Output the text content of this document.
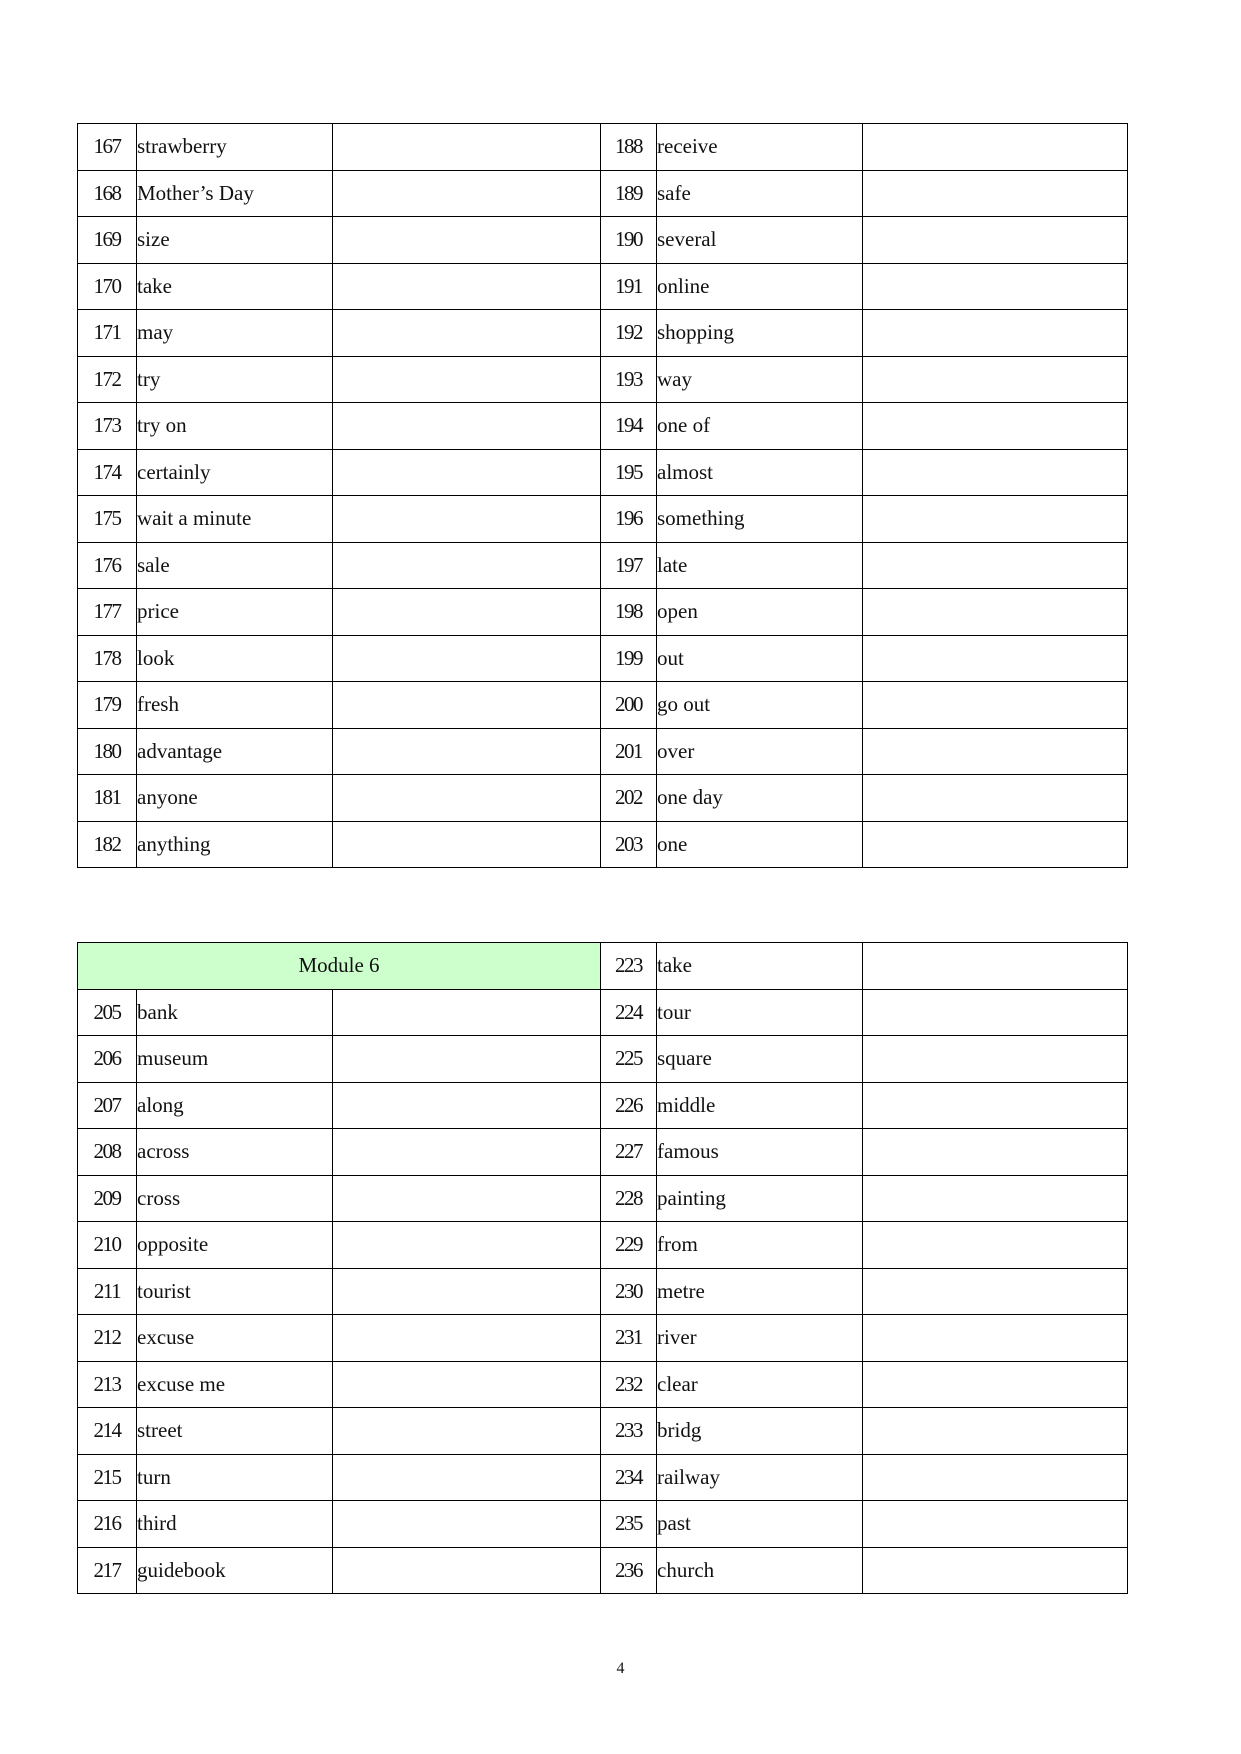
167	strawberry		188	receive	
168	Mother’s Day		189	safe	
169	size		190	several	
170	take		191	online	
171	may		192	shopping	
172	try		193	way	
173	try on		194	one of	
174	certainly		195	almost	
175	wait a minute		196	something	
176	sale		197	late	
177	price		198	open	
178	look		199	out	
179	fresh		200	go out	
180	advantage		201	over	
181	anyone		202	one day	
182	anything		203	one	
Module 6			223	take	
205	bank		224	tour	
206	museum		225	square	
207	along		226	middle	
208	across		227	famous	
209	cross		228	painting	
210	opposite		229	from	
211	tourist		230	metre	
212	excuse		231	river	
213	excuse me		232	clear	
214	street		233	bridg	
215	turn		234	railway	
216	third		235	past	
217	guidebook		236	church	
4
